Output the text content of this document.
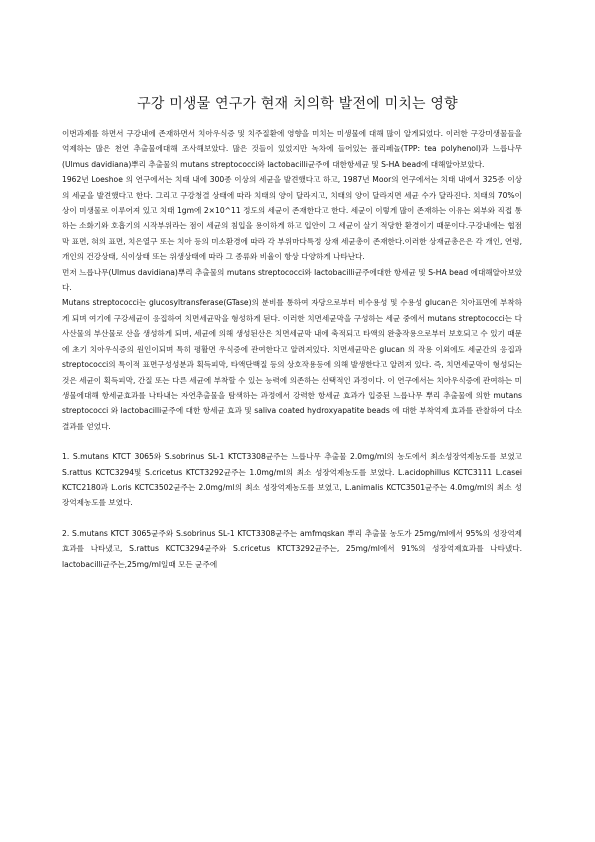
구강 미생물 연구가 현재 치의학 발전에 미치는 영향

이번과제를 하면서 구강내에 존재하면서 치아우식증 및 치주질환에 영향을 미치는 미생물에 대해 많이 알게되었다. 이러한 구강미생물들을 억제하는 많은 천연 추출물에대해 조사해보았다. 많은 것들이 있었지만 녹차에 들어있는 폴리페놀(TPP: tea polyhenol)과 느릅나무(Ulmus davidiana)뿌리 추출물의 mutans streptococci와 lactobacilli균주에 대한항세균 및 S-HA bead에 대해알아보았다.

1962년 Loeshoe 의 연구에서는 치태 내에 300종 이상의 세균을 발견했다고 하고, 1987년 Moor의 연구에서는 치태 내에서 325종 이상의 세균을 발견했다고 한다. 그리고 구강청결 상태에 따라 치태의 양이 달라지고, 치태의 양이 달라지면 세균 수가 달라진다. 치태의 70%이상이 미생물로 이루어져 있고 치태 1gm에 2×10^11 정도의 세균이 존재한다고 한다. 세균이 이렇게 많이 존재하는 이유는 외부와 직접 통하는 소화기와 호흡기의 시작부위라는 점이 세균의 침입을 용이하게 하고 입안이 그 세균이 살기 적당한 환경이기 때문이다.구강내에는 협점막 표면, 혀의 표면, 치은열구 또는 치아 등의 미소환경에 따라 각 부위마다특정 상재 세균총이 존재한다.이러한 상재균총은은 각 개인, 연령, 개인의 건강상태, 식이상태 또는 위생상태에 따라 그 종류와 비율이 항상 다양하게 나타난다.

먼저 느릅나무(Ulmus davidiana)뿌리 추출물의 mutans streptococci와 lactobacilli균주에대한 항세균 및 S-HA bead 에대해알아보았다.

Mutans streptococci는 glucosyltransferase(GTase)의 분비를 통하여 자당으로부터 비수용성 및 수용성 glucan은 치아표면에 부착하게 되며 여기에 구강세균이 응집하여 치면세균막을 형성하게 된다. 이러한 치면세균막을 구성하는 세균 중에서 mutans streptococci는 다사산물의 부산물로 산을 생성하게 되며, 세균에 의해 생성된산은 치면세균막 내에 축적되고 타액의 완충작용으로부터 보호되고 수 있기 때문에 초기 치아우식증의 원인이되며 특히 평활면 우식증에 관여한다고 알려져있다. 치면세균막은 glucan 의 작용 이외에도 세균간의 응집과 streptococci의 특이적 표면구성성분과 획득피막, 타액단백질 등의 상호작용등에 의해 발생한다고 알려져 있다. 즉, 치면세균막이 형성되는 것은 세균이 획득피막, 간질 또는 다른 세균에 부착할 수 있는 능력에 의존하는 선택적인 과정이다. 이 연구에서는 치아우식증에 관여하는 미생물에대해 항세균효과를 나타내는 자연추출물을 탐색하는 과정에서 강력한 항세균 효과가 입증된 느릅나무 뿌리 추출물에 의한 mutans streptococci 와 lactobacilli균주에 대한 항세균 효과 및 saliva coated hydroxyapatite beads 에 대한 부착억제 효과를 관찰하여 다소 결과를 얻었다.

1. S.mutans KTCT 3065와 S.sobrinus SL-1 KTCT3308균주는 느릅나무 추출물 2.0mg/ml의 농도에서 최소성장억제농도를 보였고 S.rattus KCTC3294및 S.cricetus KTCT3292균주는 1.0mg/ml의 최소 성장억제농도를 보였다. L.acidophillus KCTC3111 L.casei KCTC2180과 L.oris KCTC3502균주는 2.0mg/ml의 최소 성장억제농도를 보였고, L.animalis KCTC3501균주는 4.0mg/ml의 최소 성장억제농도를 보였다.

2. S.mutans KTCT 3065균주와 S.sobrinus SL-1 KTCT3308균주는 amfmqskan 뿌리 추출물 농도가 25mg/ml에서 95%의 성장억제효과를 나타냈고, S.rattus KCTC3294균주와 S.cricetus KTCT3292균주는, 25mg/ml에서 91%의 성장억제효과를 나타냈다. lactobacilli균주는,25mg/ml일때 모든 균주에
